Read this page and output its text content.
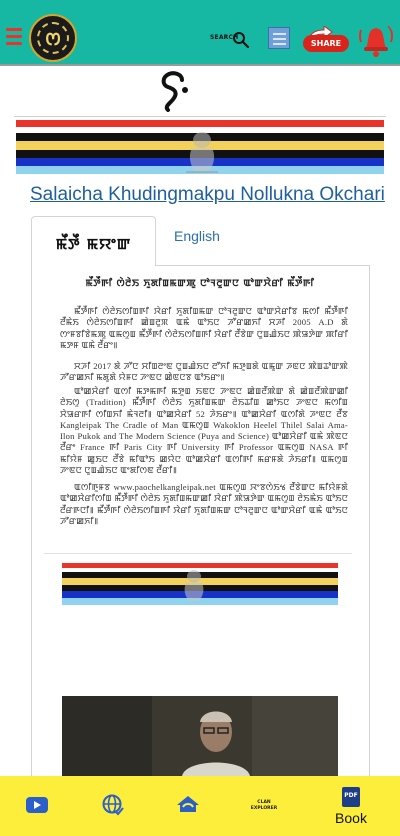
ꯁ	SEARCH
SHARE
Salaicha Khudingmakpu Nollukna Okchari
ꯃꯩꯇꯩ ꯃꯌꯦꯛ	English
ꯃꯩꯇꯩꯒꯤ ꯁꯥꯂꯥꯏ ꯈꯨꯗꯤꯡꯃꯛꯄꯨ ꯅꯣꯜꯂꯨꯛꯅ ꯑꯣꯛꯆꯥꯔꯤ ꯃꯩꯇꯩꯒꯤ
ꯃꯩꯇꯩꯒꯤ ꯁꯥꯂꯥꯏꯁꯤꯡꯒꯤ ꯋꯥꯔꯤ ꯈꯨꯗꯤꯡꯃꯛ ꯅꯣꯜꯂꯨꯛꯅ ꯑꯣꯛꯆꯥꯔꯤꯕ ꯃꯁꯤ ꯃꯩꯇꯩꯒꯤ ꯂꯩꯃꯥꯏ ꯁꯥꯂꯥꯏꯁꯤꯡꯒꯤ ꯀꯥꯡꯂꯨꯞ ꯑꯃꯥ ꯑꯣꯏꯅ ꯍꯧꯔꯀꯈꯤ ꯆꯍꯤ 2005 A.D ꯗꯥ ꯁꯦꯝꯕꯤꯕꯥꯃꯄꯨ ꯑꯃꯁꯨꯡ ꯃꯩꯇꯩꯒꯤ ꯁꯥꯂꯥꯏꯁꯤꯡꯒꯤ ꯋꯥꯔꯤ ꯂꯩꯕꯥꯛ ꯅꯨꯡꯉꯥꯏꯅ ꯄꯥꯎꯇꯥꯛ ꯄꯤꯔꯤ ꯃꯇꯝ ꯑꯃꯥ ꯂꯩꯔꯦ꯫
ꯆꯍꯤ 2017 ꯗꯥ ꯍꯧꯅ ꯆꯤꯡꯂꯦꯟ ꯅꯨꯡꯉꯥꯏꯅ ꯂꯧꯈꯤ ꯃꯇꯨꯡꯗꯥ ꯑꯃꯨꯛ ꯍꯟꯅ ꯄꯥꯡꯊꯣꯛꯄꯥ ꯍꯧꯔꯀꯈꯤ ꯃꯗꯨꯗꯥ ꯌꯥꯝꯅ ꯍꯦꯟꯅ ꯀꯥꯟꯅꯕ ꯑꯣꯏꯔꯦ꯫
ꯑꯣꯀꯆꯥꯔꯤ ꯑꯁꯤ ꯃꯇꯃꯒꯤ ꯃꯇꯨꯡ ꯏꯟꯅ ꯍꯦꯟꯅ ꯀꯥꯡꯂꯩꯄꯥꯛ ꯗꯥ ꯀꯥꯡꯂꯩꯄꯥꯛꯀꯤ ꯂꯥꯏꯁꯨ (Tradition) ꯃꯩꯇꯩꯒꯤ ꯁꯥꯂꯥꯏ ꯈꯨꯗꯤꯡꯃꯛ ꯂꯥꯏꯊꯤꯡ ꯀꯣꯏꯅ ꯍꯦꯟꯅ ꯃꯁꯤꯡ ꯆꯥꯎꯔꯒꯤ ꯁꯤꯡꯈꯤ ꯃꯥꯜꯂꯤ꯫ ꯑꯣꯀꯆꯥꯔꯤ 52 ꯍꯥꯏꯔꯦ꯫ ꯑꯣꯀꯆꯥꯔꯤ ꯑꯁꯤꯗꯥ ꯍꯦꯟꯅ ꯂꯩꯕ Kangleipak The Cradle of Man ꯑꯃꯁꯨꯡ Wakoklon Heelel Thilel Salai Ama-Ilon Pukok and The Modern Science (Puya and Science) ꯑꯣꯀꯆꯥꯔꯤ ꯑꯃꯥ ꯄꯥꯟꯅ ꯂꯩꯔꯦ France ꯒꯤ Paris City ꯒꯤ University ꯒꯤ Professor ꯑꯃꯁꯨꯡ NASA ꯒꯤ ꯃꯤꯌꯥꯝ ꯀꯨꯏꯅ ꯂꯩꯕꯥ ꯃꯤꯑꯣꯏ ꯀꯌꯥꯅ ꯑꯣꯀꯆꯥꯔꯤ ꯑꯁꯤꯒꯤ ꯃꯔꯝꯗꯥ ꯍꯥꯏꯔꯤ꯫ ꯑꯃꯁꯨꯡ ꯍꯦꯟꯅ ꯅꯨꯡꯉꯥꯏꯅ ꯑꯦꯗꯤꯁꯟ ꯂꯩꯔꯤ꯫
ꯑꯁꯤꯒꯨꯝꯕ www.paochelkangleipak.net ꯑꯃꯁꯨꯡ ꯋꯦꯕꯁꯥꯏꯠ ꯂꯩꯕꯥꯛꯅ ꯃꯤꯌꯥꯝꯗꯥ ꯑꯣꯀꯆꯥꯔꯤꯁꯤꯡ ꯃꯩꯇꯩꯒꯤ ꯁꯥꯂꯥꯏ ꯈꯨꯗꯤꯡꯃꯛꯀꯤ ꯋꯥꯔꯤ ꯄꯥꯎꯇꯥꯛ ꯑꯃꯁꯨꯡ ꯂꯥꯏꯃꯥꯏ ꯑꯣꯏꯅ ꯂꯩꯔꯒꯅꯤ꯫ ꯃꯩꯇꯩꯒꯤ ꯁꯥꯂꯥꯏꯁꯤꯡꯒꯤ ꯋꯥꯔꯤ ꯈꯨꯗꯤꯡꯃꯛ ꯅꯣꯜꯂꯨꯛꯅ ꯑꯣꯛꯆꯥꯔꯤ ꯑꯃꯥ ꯑꯣꯏꯅ ꯍꯧꯔꯀꯈꯤ꯫
CLAN
EXPLORER
PDF
Book
